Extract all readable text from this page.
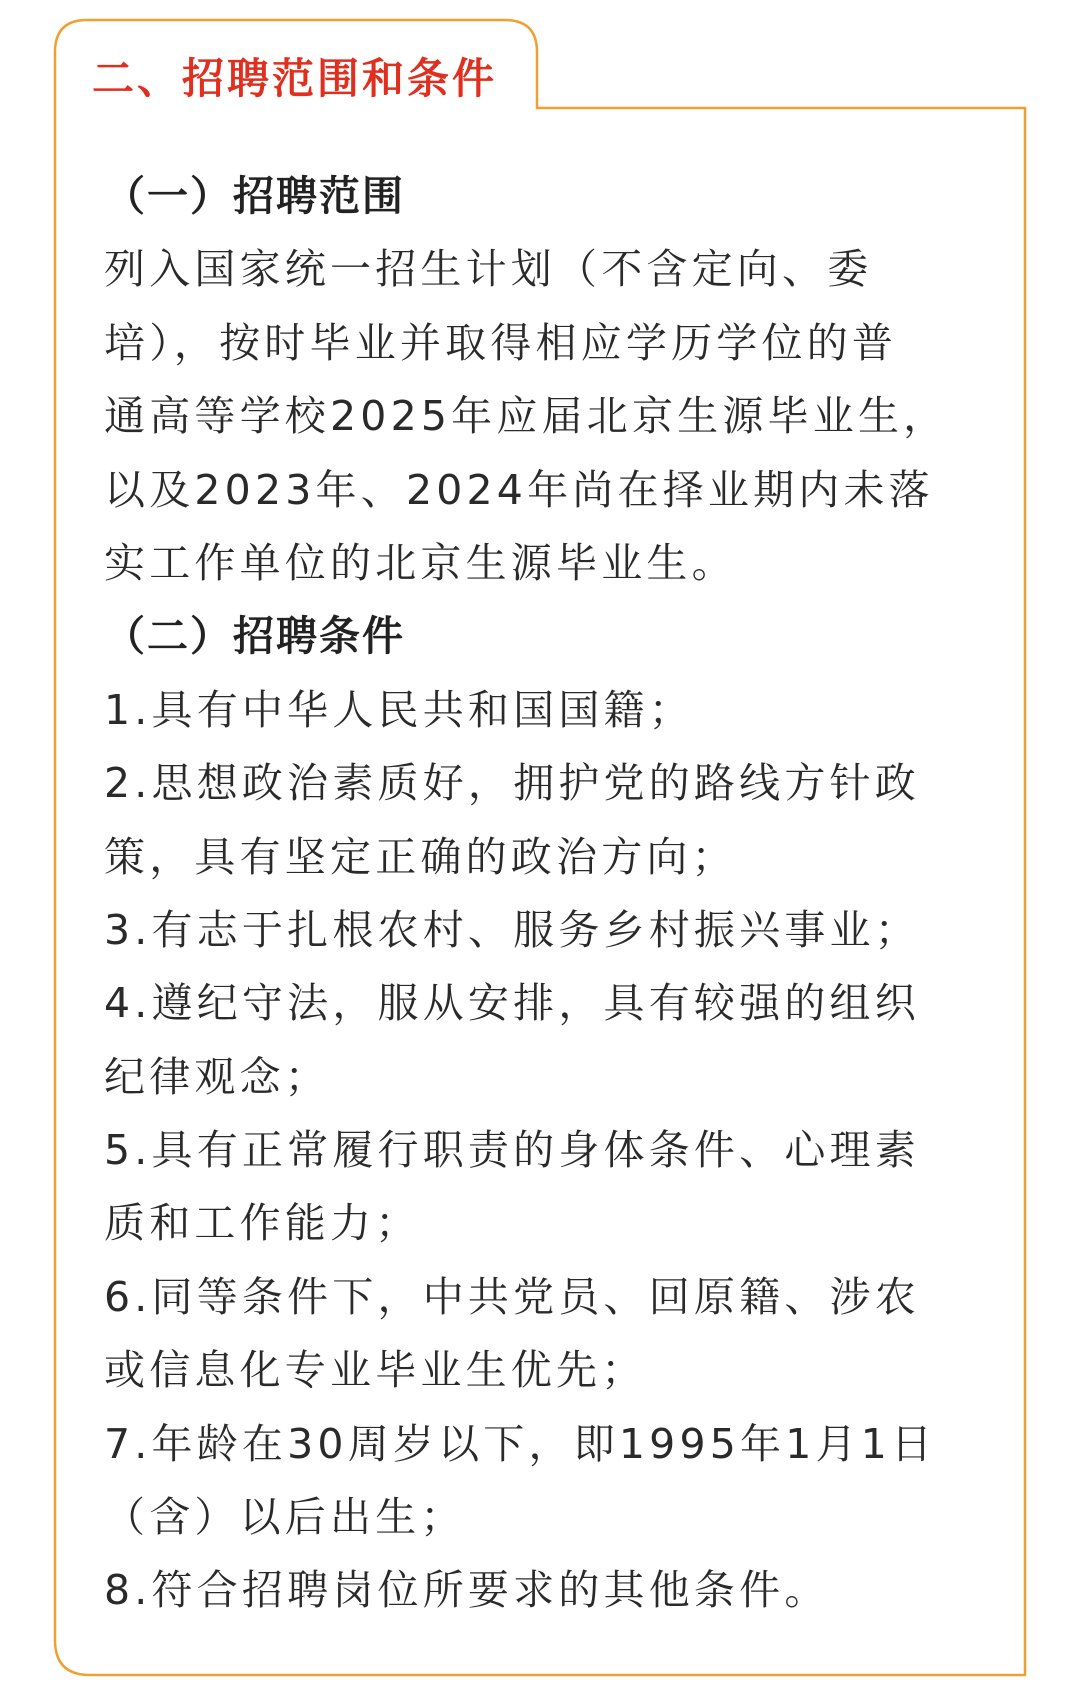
二、招聘范围和条件
（一）招聘范围
列入国家统一招生计划（不含定向、委
培），按时毕业并取得相应学历学位的普
通高等学校2025年应届北京生源毕业生，
以及2023年、2024年尚在择业期内未落
实工作单位的北京生源毕业生。
（二）招聘条件
1.具有中华人民共和国国籍；
2.思想政治素质好，拥护党的路线方针政
策，具有坚定正确的政治方向；
3.有志于扎根农村、服务乡村振兴事业；
4.遵纪守法，服从安排，具有较强的组织
纪律观念；
5.具有正常履行职责的身体条件、心理素
质和工作能力；
6.同等条件下，中共党员、回原籍、涉农
或信息化专业毕业生优先；
7.年龄在30周岁以下，即1995年1月1日
（含）以后出生；
8.符合招聘岗位所要求的其他条件。
